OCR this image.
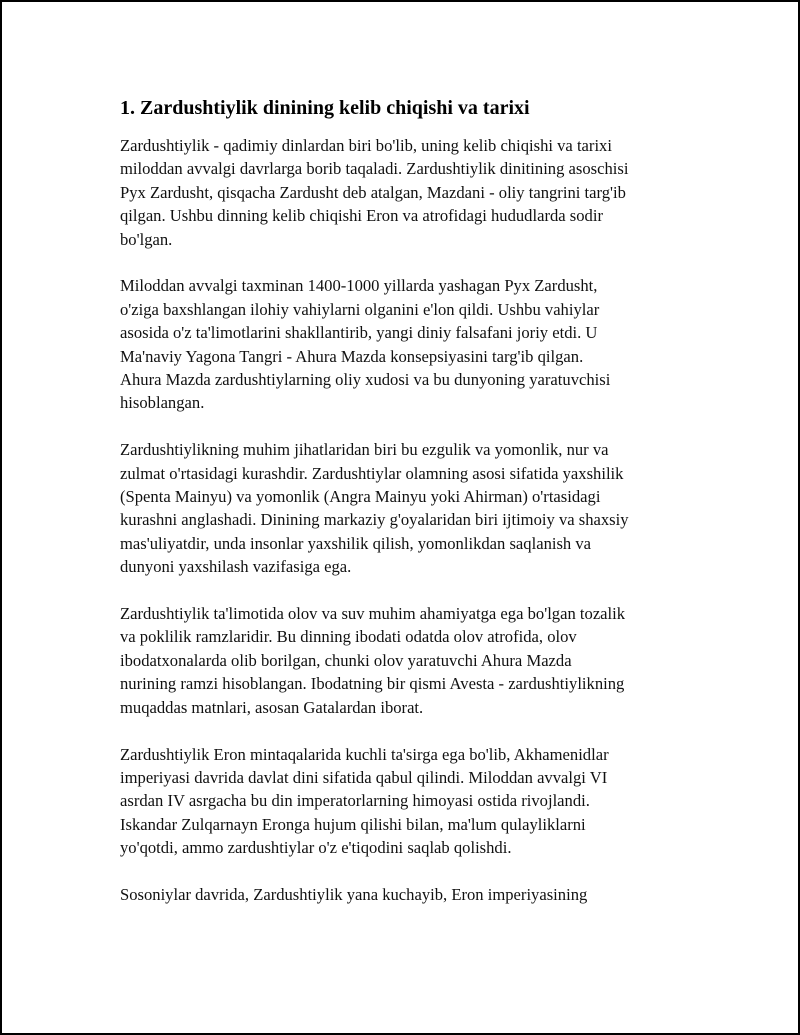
1. Zardushtiylik dinining kelib chiqishi va tarixi

Zardushtiylik - qadimiy dinlardan biri bo'lib, uning kelib chiqishi va tarixi
miloddan avvalgi davrlarga borib taqaladi. Zardushtiylik dinitining asoschisi
Pyx Zardusht, qisqacha Zardusht deb atalgan, Mazdani - oliy tangrini targ'ib
qilgan. Ushbu dinning kelib chiqishi Eron va atrofidagi hududlarda sodir
bo'lgan.

Miloddan avvalgi taxminan 1400-1000 yillarda yashagan Pyx Zardusht,
o'ziga baxshlangan ilohiy vahiylarni olganini e'lon qildi. Ushbu vahiylar
asosida o'z ta'limotlarini shakllantirib, yangi diniy falsafani joriy etdi. U
Ma'naviy Yagona Tangri - Ahura Mazda konsepsiyasini targ'ib qilgan.
Ahura Mazda zardushtiylarning oliy xudosi va bu dunyoning yaratuvchisi
hisoblangan.

Zardushtiylikning muhim jihatlaridan biri bu ezgulik va yomonlik, nur va
zulmat o'rtasidagi kurashdir. Zardushtiylar olamning asosi sifatida yaxshilik
(Spenta Mainyu) va yomonlik (Angra Mainyu yoki Ahirman) o'rtasidagi
kurashni anglashadi. Dinining markaziy g'oyalaridan biri ijtimoiy va shaxsiy
mas'uliyatdir, unda insonlar yaxshilik qilish, yomonlikdan saqlanish va
dunyoni yaxshilash vazifasiga ega.

Zardushtiylik ta'limotida olov va suv muhim ahamiyatga ega bo'lgan tozalik
va poklilik ramzlaridir. Bu dinning ibodati odatda olov atrofida, olov
ibodatxonalarda olib borilgan, chunki olov yaratuvchi Ahura Mazda
nurining ramzi hisoblangan. Ibodatning bir qismi Avesta - zardushtiylikning
muqaddas matnlari, asosan Gatalardan iborat.

Zardushtiylik Eron mintaqalarida kuchli ta'sirga ega bo'lib, Akhamenidlar
imperiyasi davrida davlat dini sifatida qabul qilindi. Miloddan avvalgi VI
asrdan IV asrgacha bu din imperatorlarning himoyasi ostida rivojlandi.
Iskandar Zulqarnayn Eronga hujum qilishi bilan, ma'lum qulayliklarni
yo'qotdi, ammo zardushtiylar o'z e'tiqodini saqlab qolishdi.

Sosoniylar davrida, Zardushtiylik yana kuchayib, Eron imperiyasining
